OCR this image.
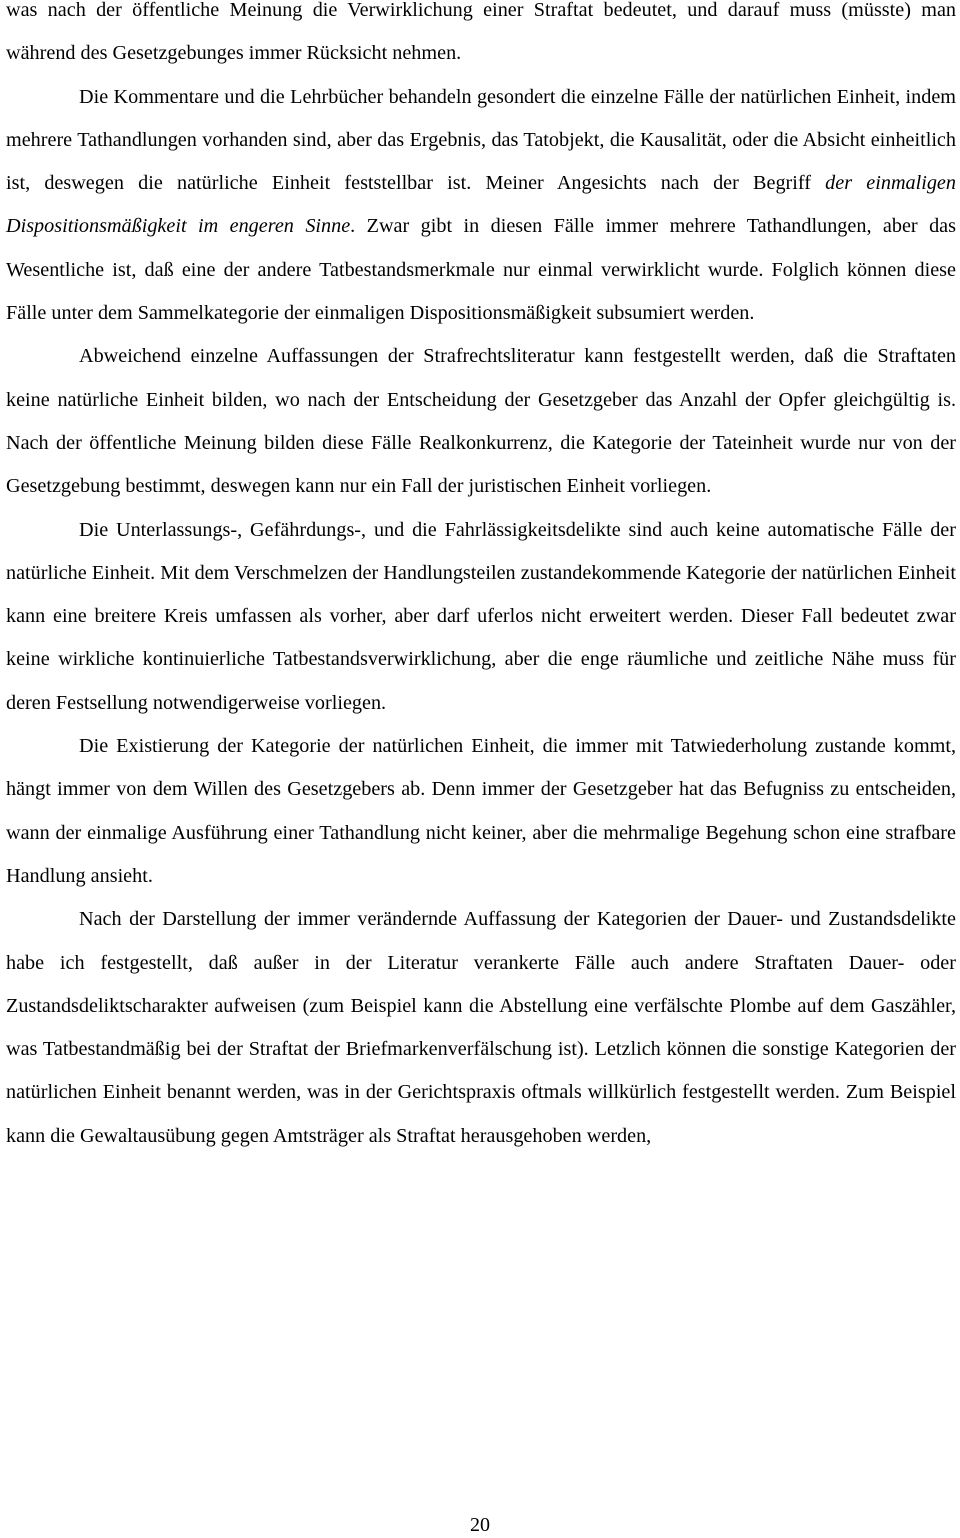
was nach der öffentliche Meinung die Verwirklichung einer Straftat bedeutet, und darauf muss (müsste) man während des Gesetzgebunges immer Rücksicht nehmen.

Die Kommentare und die Lehrbücher behandeln gesondert die einzelne Fälle der natürlichen Einheit, indem mehrere Tathandlungen vorhanden sind, aber das Ergebnis, das Tatobjekt, die Kausalität, oder die Absicht einheitlich ist, deswegen die natürliche Einheit feststellbar ist. Meiner Angesichts nach der Begriff der einmaligen Dispositionsmäßigkeit im engeren Sinne. Zwar gibt in diesen Fälle immer mehrere Tathandlungen, aber das Wesentliche ist, daß eine der andere Tatbestandsmerkmale nur einmal verwirklicht wurde. Folglich können diese Fälle unter dem Sammelkategorie der einmaligen Dispositionsmäßigkeit subsumiert werden.

Abweichend einzelne Auffassungen der Strafrechtsliteratur kann festgestellt werden, daß die Straftaten keine natürliche Einheit bilden, wo nach der Entscheidung der Gesetzgeber das Anzahl der Opfer gleichgültig is. Nach der öffentliche Meinung bilden diese Fälle Realkonkurrenz, die Kategorie der Tateinheit wurde nur von der Gesetzgebung bestimmt, deswegen kann nur ein Fall der juristischen Einheit vorliegen.

Die Unterlassungs-, Gefährdungs-, und die Fahrlässigkeitsdelikte sind auch keine automatische Fälle der natürliche Einheit. Mit dem Verschmelzen der Handlungsteilen zustandekommende Kategorie der natürlichen Einheit kann eine breitere Kreis umfassen als vorher, aber darf uferlos nicht erweitert werden. Dieser Fall bedeutet zwar keine wirkliche kontinuierliche Tatbestandsverwirklichung, aber die enge räumliche und zeitliche Nähe muss für deren Festsellung notwendigerweise vorliegen.

Die Existierung der Kategorie der natürlichen Einheit, die immer mit Tatwiederholung zustande kommt, hängt immer von dem Willen des Gesetzgebers ab. Denn immer der Gesetzgeber hat das Befugniss zu entscheiden, wann der einmalige Ausführung einer Tathandlung nicht keiner, aber die mehrmalige Begehung schon eine strafbare Handlung ansieht.

Nach der Darstellung der immer verändernde Auffassung der Kategorien der Dauer- und Zustandsdelikte habe ich festgestellt, daß außer in der Literatur verankerte Fälle auch andere Straftaten Dauer- oder Zustandsdeliktscharakter aufweisen (zum Beispiel kann die Abstellung eine verfälschte Plombe auf dem Gaszähler, was Tatbestandmäßig bei der Straftat der Briefmarkenverfälschung ist). Letzlich können die sonstige Kategorien der natürlichen Einheit benannt werden, was in der Gerichtspraxis oftmals willkürlich festgestellt werden. Zum Beispiel kann die Gewaltausübung gegen Amtsträger als Straftat herausgehoben werden,

20
